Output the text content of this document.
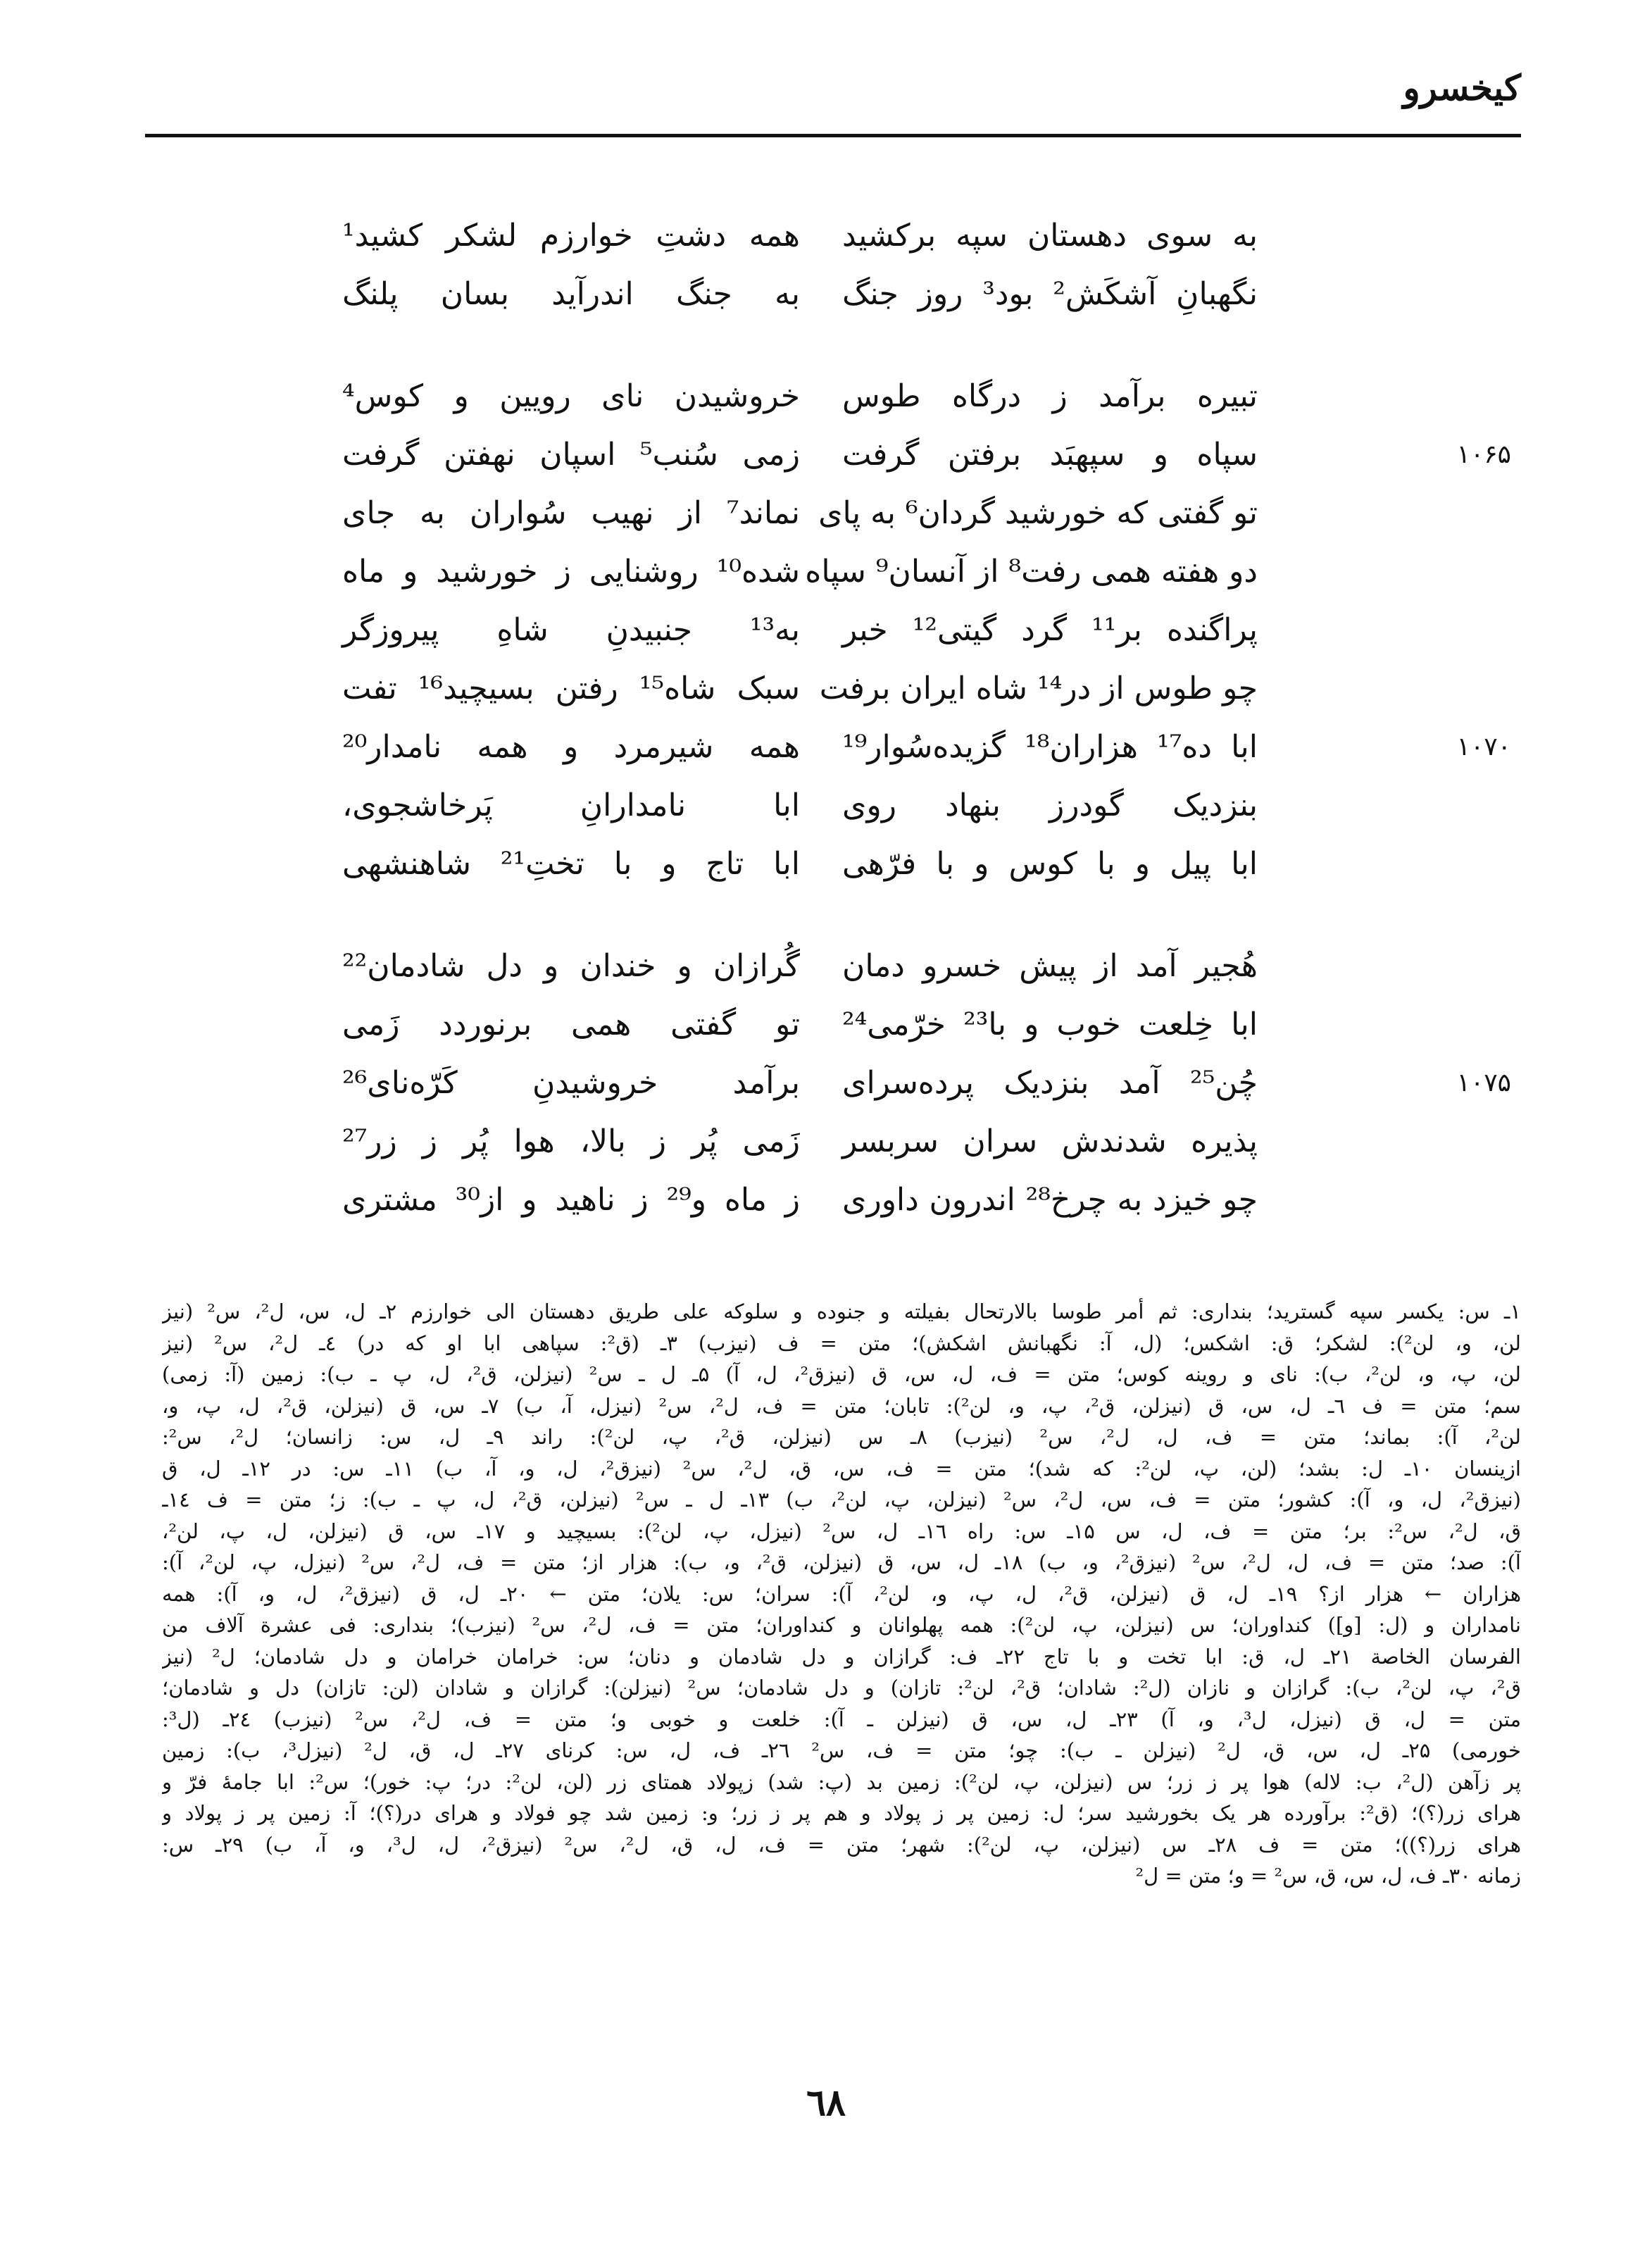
کیخسرو
به سوی دهستان سپه برکشید
همه دشتِ خوارزم لشکر کشید¹
نگهبانِ آشکَش² بود³ روز جنگ
به جنگ اندرآید بسان پلنگ
تبیره برآمد ز درگاه طوس
خروشیدن نای رویین و کوس⁴
۱۰۶۵
سپاه و سپهبَد برفتن گرفت
زمی سُنب⁵ اسپان نهفتن گرفت
تو گفتی که خورشید گردان⁶ به پای
نماند⁷ از نهیب سُواران به جای
دو هفته همی رفت⁸ از آنسان⁹ سپاه
شده¹⁰ روشنایی ز خورشید و ماه
پراگنده بر¹¹ گرد گیتی¹² خبر
به¹³ جنبیدنِ شاهِ پیروزگر
چو طوس از در¹⁴ شاه ایران برفت
سبک شاه¹⁵ رفتن بسیچید¹⁶ تفت
۱۰۷۰
ابا ده¹⁷ هزاران¹⁸ گزیده‌سُوار¹⁹
همه شیرمرد و همه نامدار²⁰
بنزدیک گودرز بنهاد روی
ابا نامدارانِ پَرخاشجوی،
ابا پیل و با کوس و با فرّهی
ابا تاج و با تختِ²¹ شاهنشهی
هُجیر آمد از پیش خسرو دمان
گُرازان و خندان و دل شادمان²²
ابا خِلعت خوب و با²³ خرّمی²⁴
تو گفتی همی برنوردد زَمی
۱۰۷۵
چُن²⁵ آمد بنزدیک پرده‌سرای
برآمد خروشیدنِ کَرّه‌نای²⁶
پذیره شدندش سران سربسر
زَمی پُر ز بالا، هوا پُر ز زر²⁷
چو خیزد به چرخ²⁸ اندرون داوری
ز ماه و²⁹ ز ناهید و از³⁰ مشتری
۱ـ س: یکسر سپه گسترید؛ بنداری: ثم أمر طوسا بالارتحال بفیلته و جنوده و سلوکه علی طریق دهستان الی خوارزم ۲ـ ل، س، ل²، س² (نیز
لن، و، لن²): لشکر؛ ق: اشکس؛ (ل، آ: نگهبانش اشکش)؛ متن = ف (نیزب) ۳ـ (ق²: سپاهی ابا او که در) ٤ـ ل²، س² (نیز
لن، پ، و، لن²، ب): نای و روینه کوس؛ متن = ف، ل، س، ق (نیزق²، ل، آ) ۵ـ ل ـ س² (نیزلن، ق²، ل، پ ـ ب): زمین (آ: زمی)
سم؛ متن = ف ٦ـ ل، س، ق (نیزلن، ق²، پ، و، لن²): تابان؛ متن = ف، ل²، س² (نیزل، آ، ب) ۷ـ س، ق (نیزلن، ق²، ل، پ، و،
لن²، آ): بماند؛ متن = ف، ل، ل²، س² (نیزب) ۸ـ س (نیزلن، ق²، پ، لن²): راند ۹ـ ل، س: زانسان؛ ل²، س²:
ازینسان ۱۰ـ ل: بشد؛ (لن، پ، لن²: که شد)؛ متن = ف، س، ق، ل²، س² (نیزق²، ل، و، آ، ب) ۱۱ـ س: در ۱۲ـ ل، ق
(نیزق²، ل، و، آ): کشور؛ متن = ف، س، ل²، س² (نیزلن، پ، لن²، ب) ۱۳ـ ل ـ س² (نیزلن، ق²، ل، پ ـ ب): ز؛ متن = ف ۱٤ـ
ق، ل²، س²: بر؛ متن = ف، ل، س ۱۵ـ س: راه ۱٦ـ ل، س² (نیزل، پ، لن²): بسیچید و ۱۷ـ س، ق (نیزلن، ل، پ، لن²،
آ): صد؛ متن = ف، ل، ل²، س² (نیزق²، و، ب) ۱۸ـ ل، س، ق (نیزلن، ق²، و، ب): هزار از؛ متن = ف، ل²، س² (نیزل، پ، لن²، آ):
هزاران ← هزار از؟ ۱۹ـ ل، ق (نیزلن، ق²، ل، پ، و، لن²، آ): سران؛ س: یلان؛ متن ← ۲۰ـ ل، ق (نیزق²، ل، و، آ): همه
نامداران و (ل: [و]) کنداوران؛ س (نیزلن، پ، لن²): همه پهلوانان و کنداوران؛ متن = ف، ل²، س² (نیزب)؛ بنداری: فی عشرة آلاف من
الفرسان الخاصة ۲۱ـ ل، ق: ابا تخت و با تاج ۲۲ـ ف: گرازان و دل شادمان و دنان؛ س: خرامان خرامان و دل شادمان؛ ل² (نیز
ق²، پ، لن²، ب): گرازان و نازان (ل²: شادان؛ ق²، لن²: تازان) و دل شادمان؛ س² (نیزلن): گرازان و شادان (لن: تازان) دل و شادمان؛
متن = ل، ق (نیزل، ل³، و، آ) ۲۳ـ ل، س، ق (نیزلن ـ آ): خلعت و خوبی و؛ متن = ف، ل²، س² (نیزب) ۲٤ـ (ل³:
خورمی) ۲۵ـ ل، س، ق، ل² (نیزلن ـ ب): چو؛ متن = ف، س² ۲٦ـ ف، ل، س: کرنای ۲۷ـ ل، ق، ل² (نیزل³، ب): زمین
پر زآهن (ل²، ب: لاله) هوا پر ز زر؛ س (نیزلن، پ، لن²): زمین بد (پ: شد) زپولاد همتای زر (لن، لن²: در؛ پ: خور)؛ س²: ابا جامهٔ فرّ و
هرای زر(؟)؛ (ق²: برآورده هر یک بخورشید سر؛ ل: زمین پر ز پولاد و هم پر ز زر؛ و: زمین شد چو فولاد و هرای در(؟)؛ آ: زمین پر ز پولاد و
هرای زر(؟))؛ متن = ف ۲۸ـ س (نیزلن، پ، لن²): شهر؛ متن = ف، ل، ق، ل²، س² (نیزق²، ل، ل³، و، آ، ب) ۲۹ـ س:
زمانه ۳۰ـ ف، ل، س، ق، س² = و؛ متن = ل²
٦٨
